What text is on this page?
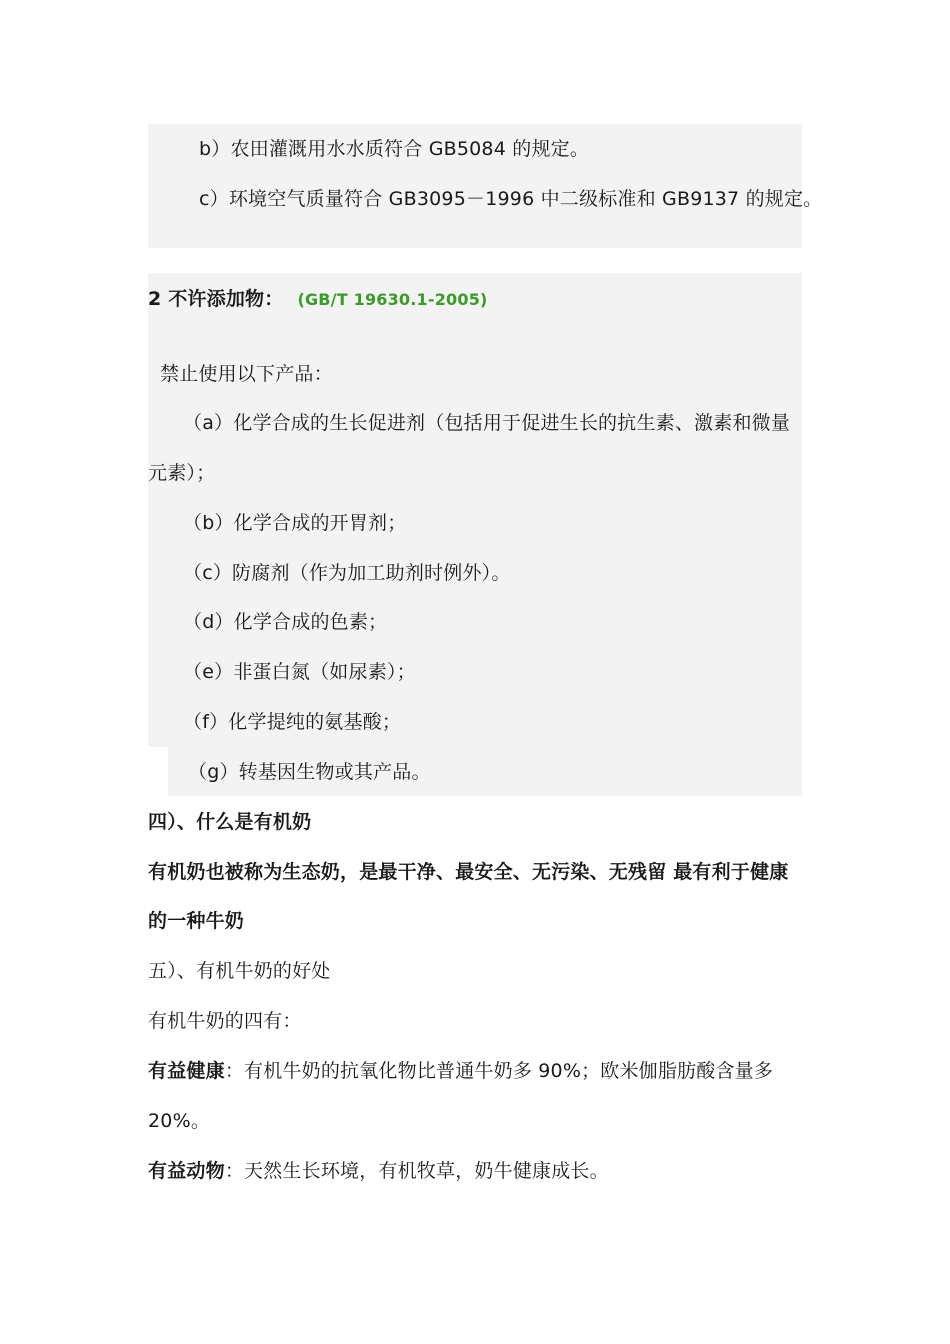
b）农田灌溉用水水质符合 GB5084 的规定。
c）环境空气质量符合 GB3095－1996 中二级标准和 GB9137 的规定。
2 不许添加物： (GB/T 19630.1-2005)
禁止使用以下产品：
（a）化学合成的生长促进剂（包括用于促进生长的抗生素、激素和微量
元素）；
（b）化学合成的开胃剂；
（c）防腐剂（作为加工助剂时例外）。
（d）化学合成的色素；
（e）非蛋白氮（如尿素）；
（f）化学提纯的氨基酸；
（g）转基因生物或其产品。
四）、什么是有机奶
有机奶也被称为生态奶，是最干净、最安全、无污染、无残留 最有利于健康
的一种牛奶
五）、有机牛奶的好处
有机牛奶的四有：
有益健康：有机牛奶的抗氧化物比普通牛奶多 90%；欧米伽脂肪酸含量多
20%。
有益动物：天然生长环境，有机牧草，奶牛健康成长。
